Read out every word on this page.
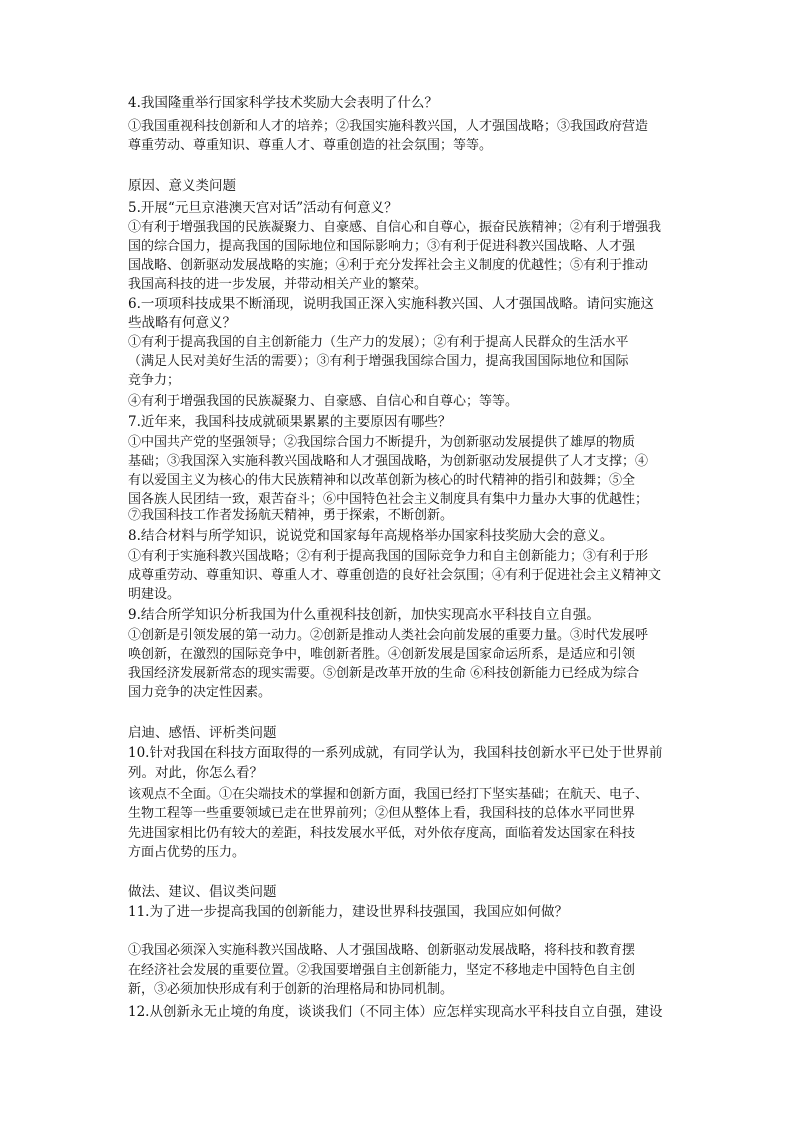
4.我国隆重举行国家科学技术奖励大会表明了什么？
①我国重视科技创新和人才的培养；②我国实施科教兴国，人才强国战略；③我国政府营造
尊重劳动、尊重知识、尊重人才、尊重创造的社会氛围；等等。
原因、意义类问题
5.开展“元旦京港澳天宫对话”活动有何意义？
①有利于增强我国的民族凝聚力、自豪感、自信心和自尊心，振奋民族精神；②有利于增强我
国的综合国力，提高我国的国际地位和国际影响力；③有利于促进科教兴国战略、人才强
国战略、创新驱动发展战略的实施；④利于充分发挥社会主义制度的优越性；⑤有利于推动
我国高科技的进一步发展，并带动相关产业的繁荣。
6.一项项科技成果不断涌现，说明我国正深入实施科教兴国、人才强国战略。请问实施这
些战略有何意义？
①有利于提高我国的自主创新能力（生产力的发展）；②有利于提高人民群众的生活水平
（满足人民对美好生活的需要）；③有利于增强我国综合国力，提高我国国际地位和国际
竞争力；
④有利于增强我国的民族凝聚力、自豪感、自信心和自尊心；等等。
7.近年来，我国科技成就硕果累累的主要原因有哪些？
①中国共产党的坚强领导；②我国综合国力不断提升，为创新驱动发展提供了雄厚的物质
基础；③我国深入实施科教兴国战略和人才强国战略，为创新驱动发展提供了人才支撑；④
有以爱国主义为核心的伟大民族精神和以改革创新为核心的时代精神的指引和鼓舞；⑤全
国各族人民团结一致，艰苦奋斗；⑥中国特色社会主义制度具有集中力量办大事的优越性；
⑦我国科技工作者发扬航天精神，勇于探索，不断创新。
8.结合材料与所学知识，说说党和国家每年高规格举办国家科技奖励大会的意义。
①有利于实施科教兴国战略；②有利于提高我国的国际竞争力和自主创新能力；③有利于形
成尊重劳动、尊重知识、尊重人才、尊重创造的良好社会氛围；④有利于促进社会主义精神文
明建设。
9.结合所学知识分析我国为什么重视科技创新，加快实现高水平科技自立自强。
①创新是引领发展的第一动力。②创新是推动人类社会向前发展的重要力量。③时代发展呼
唤创新，在激烈的国际竞争中，唯创新者胜。④创新发展是国家命运所系，是适应和引领
我国经济发展新常态的现实需要。⑤创新是改革开放的生命 ⑥科技创新能力已经成为综合
国力竞争的决定性因素。
启迪、感悟、评析类问题
10.针对我国在科技方面取得的一系列成就，有同学认为，我国科技创新水平已处于世界前
列。对此，你怎么看？
该观点不全面。①在尖端技术的掌握和创新方面，我国已经打下坚实基础；在航天、电子、
生物工程等一些重要领域已走在世界前列；②但从整体上看，我国科技的总体水平同世界
先进国家相比仍有较大的差距，科技发展水平低，对外依存度高，面临着发达国家在科技
方面占优势的压力。
做法、建议、倡议类问题
11.为了进一步提高我国的创新能力，建设世界科技强国，我国应如何做？
①我国必须深入实施科教兴国战略、人才强国战略、创新驱动发展战略，将科技和教育摆
在经济社会发展的重要位置。②我国要增强自主创新能力，坚定不移地走中国特色自主创
新，③必须加快形成有利于创新的治理格局和协同机制。
12.从创新永无止境的角度，谈谈我们（不同主体）应怎样实现高水平科技自立自强，建设
